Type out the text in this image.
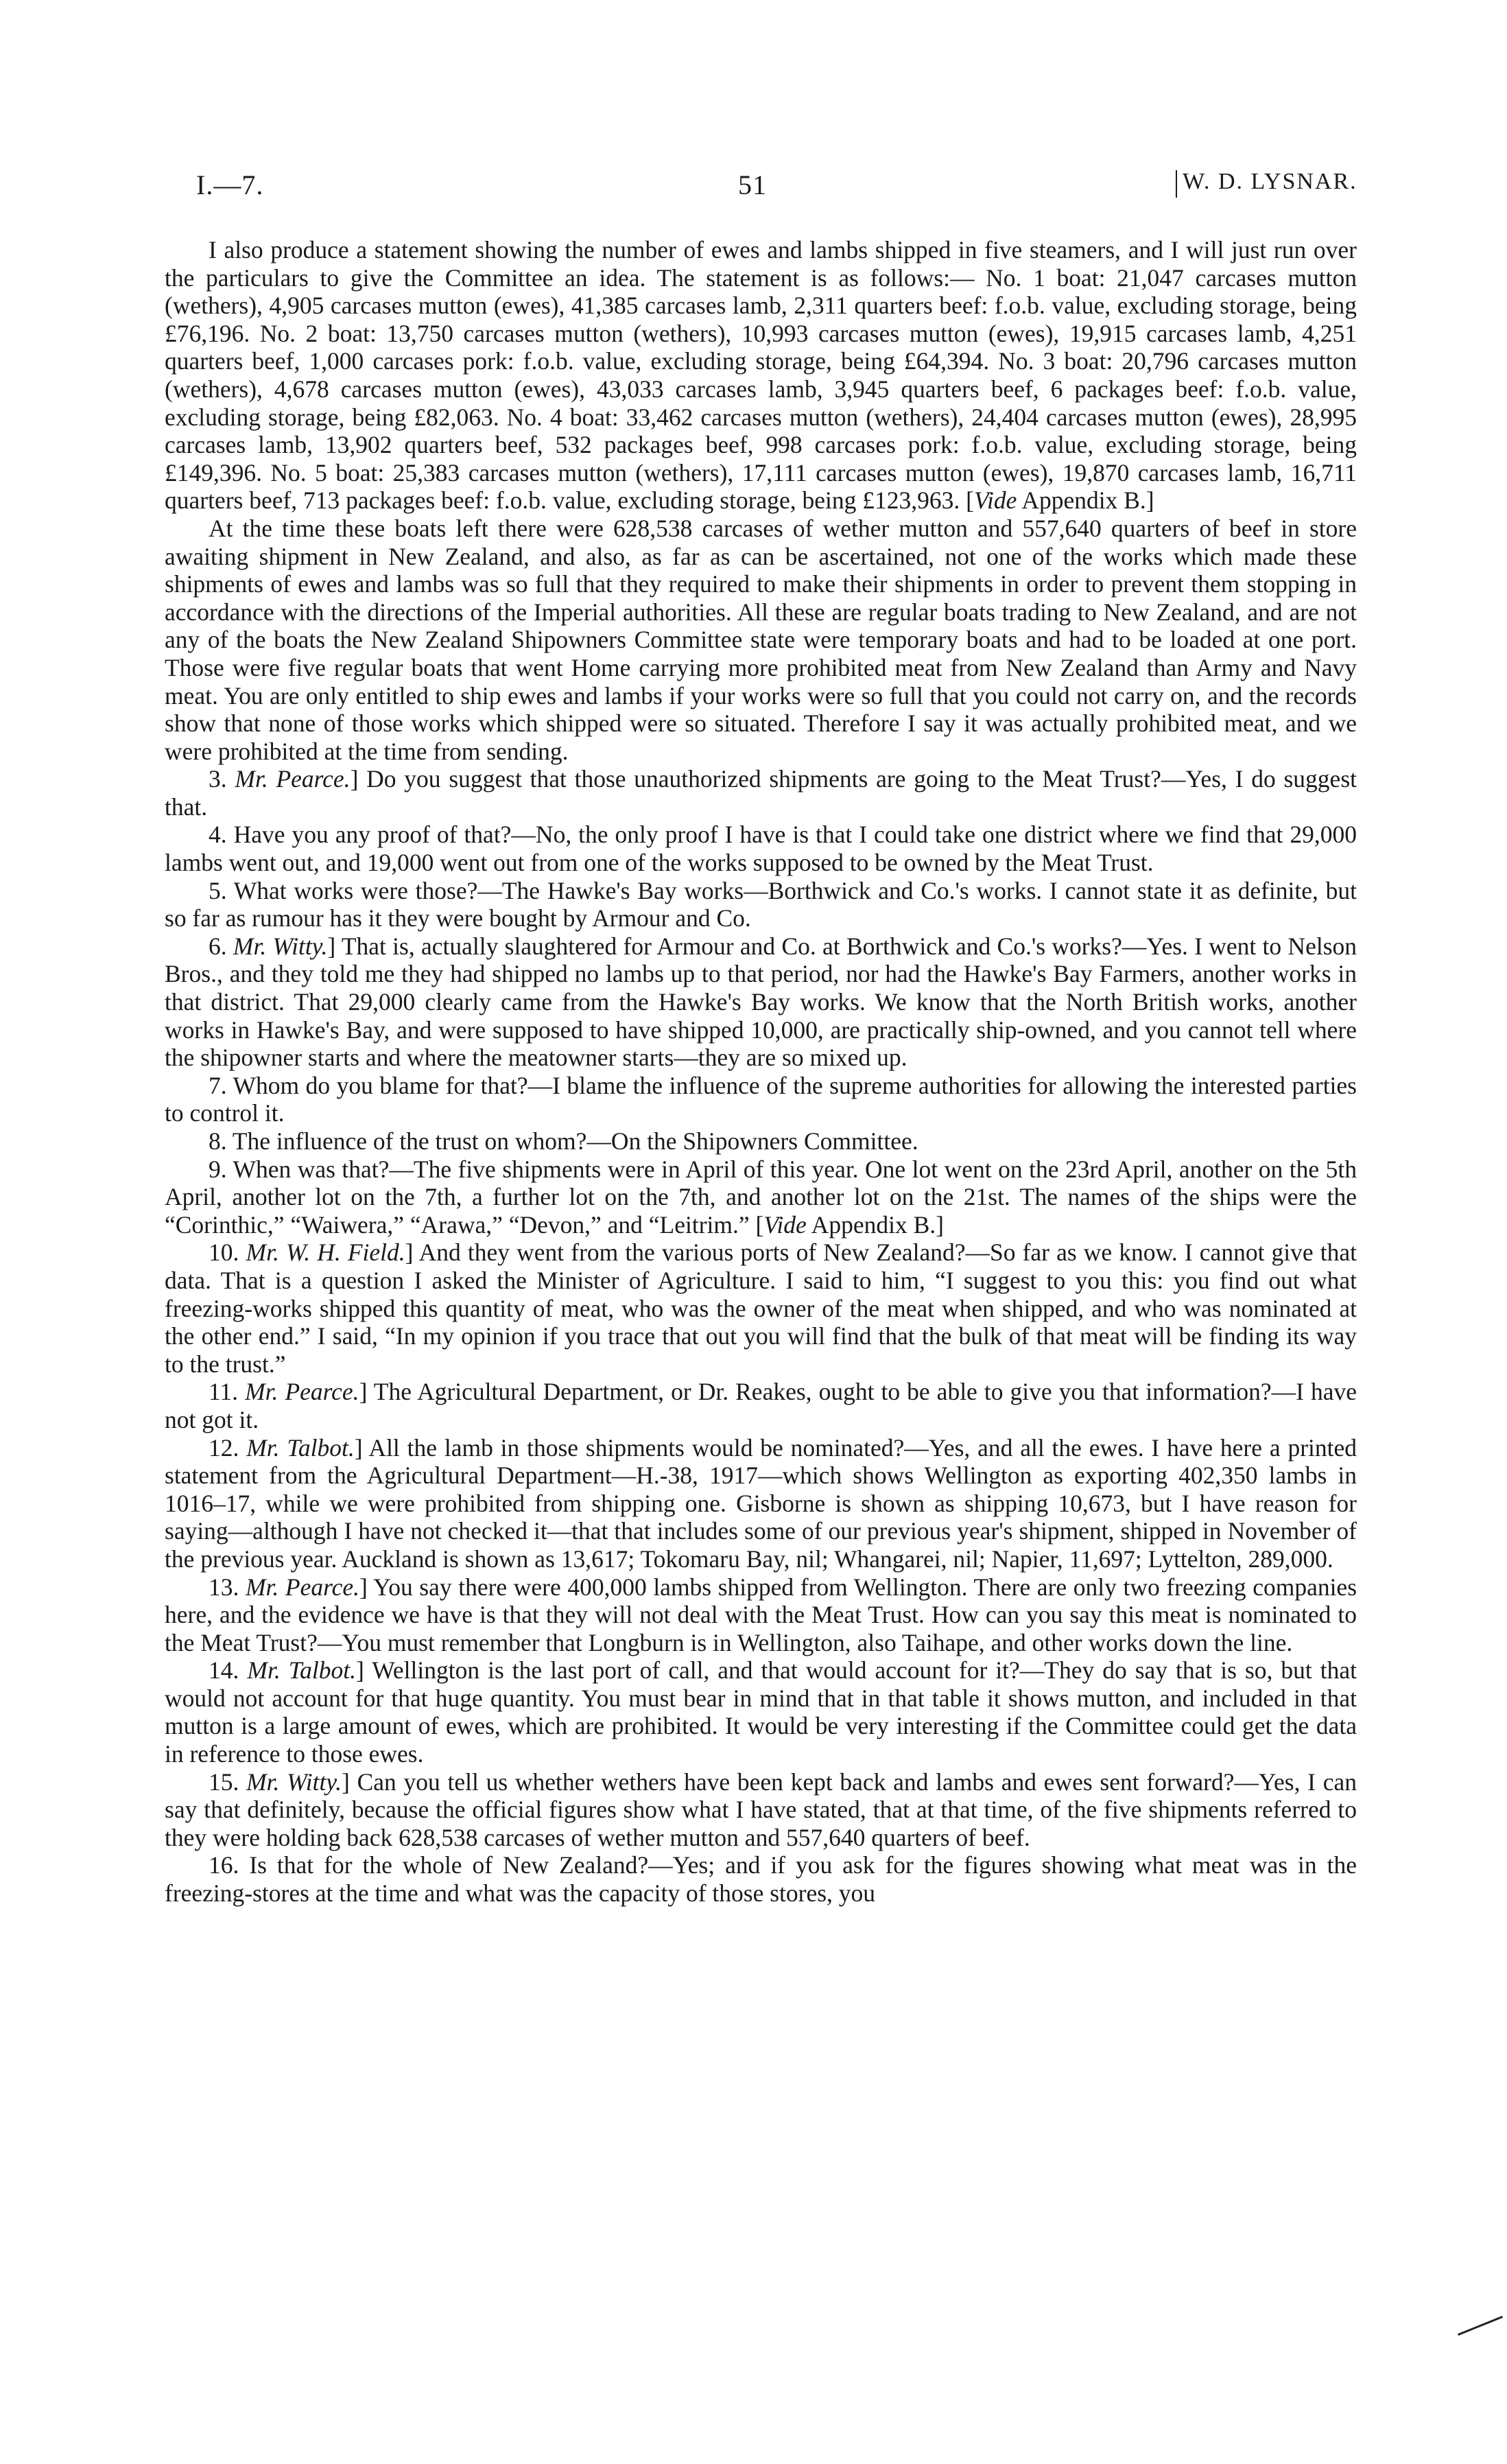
I.—7.	51	W. D. LYSNAR.

I also produce a statement showing the number of ewes and lambs shipped in five steamers, and I will just run over the particulars to give the Committee an idea. The statement is as follows:— No. 1 boat: 21,047 carcases mutton (wethers), 4,905 carcases mutton (ewes), 41,385 carcases lamb, 2,311 quarters beef: f.o.b. value, excluding storage, being £76,196. No. 2 boat: 13,750 carcases mutton (wethers), 10,993 carcases mutton (ewes), 19,915 carcases lamb, 4,251 quarters beef, 1,000 carcases pork: f.o.b. value, excluding storage, being £64,394. No. 3 boat: 20,796 carcases mutton (wethers), 4,678 carcases mutton (ewes), 43,033 carcases lamb, 3,945 quarters beef, 6 packages beef: f.o.b. value, excluding storage, being £82,063. No. 4 boat: 33,462 carcases mutton (wethers), 24,404 carcases mutton (ewes), 28,995 carcases lamb, 13,902 quarters beef, 532 packages beef, 998 carcases pork: f.o.b. value, excluding storage, being £149,396. No. 5 boat: 25,383 carcases mutton (wethers), 17,111 carcases mutton (ewes), 19,870 carcases lamb, 16,711 quarters beef, 713 packages beef: f.o.b. value, excluding storage, being £123,963. [Vide Appendix B.]

At the time these boats left there were 628,538 carcases of wether mutton and 557,640 quarters of beef in store awaiting shipment in New Zealand, and also, as far as can be ascertained, not one of the works which made these shipments of ewes and lambs was so full that they required to make their shipments in order to prevent them stopping in accordance with the directions of the Imperial authorities. All these are regular boats trading to New Zealand, and are not any of the boats the New Zealand Shipowners Committee state were temporary boats and had to be loaded at one port. Those were five regular boats that went Home carrying more prohibited meat from New Zealand than Army and Navy meat. You are only entitled to ship ewes and lambs if your works were so full that you could not carry on, and the records show that none of those works which shipped were so situated. Therefore I say it was actually prohibited meat, and we were prohibited at the time from sending.

3. Mr. Pearce.] Do you suggest that those unauthorized shipments are going to the Meat Trust?—Yes, I do suggest that.

4. Have you any proof of that?—No, the only proof I have is that I could take one district where we find that 29,000 lambs went out, and 19,000 went out from one of the works supposed to be owned by the Meat Trust.

5. What works were those?—The Hawke's Bay works—Borthwick and Co.'s works. I cannot state it as definite, but so far as rumour has it they were bought by Armour and Co.

6. Mr. Witty.] That is, actually slaughtered for Armour and Co. at Borthwick and Co.'s works?—Yes. I went to Nelson Bros., and they told me they had shipped no lambs up to that period, nor had the Hawke's Bay Farmers, another works in that district. That 29,000 clearly came from the Hawke's Bay works. We know that the North British works, another works in Hawke's Bay, and were supposed to have shipped 10,000, are practically ship-owned, and you cannot tell where the shipowner starts and where the meatowner starts—they are so mixed up.

7. Whom do you blame for that?—I blame the influence of the supreme authorities for allowing the interested parties to control it.

8. The influence of the trust on whom?—On the Shipowners Committee.

9. When was that?—The five shipments were in April of this year. One lot went on the 23rd April, another on the 5th April, another lot on the 7th, a further lot on the 7th, and another lot on the 21st. The names of the ships were the “Corinthic,” “Waiwera,” “Arawa,” “Devon,” and “Leitrim.” [Vide Appendix B.]

10. Mr. W. H. Field.] And they went from the various ports of New Zealand?—So far as we know. I cannot give that data. That is a question I asked the Minister of Agriculture. I said to him, “I suggest to you this: you find out what freezing-works shipped this quantity of meat, who was the owner of the meat when shipped, and who was nominated at the other end.” I said, “In my opinion if you trace that out you will find that the bulk of that meat will be finding its way to the trust.”

11. Mr. Pearce.] The Agricultural Department, or Dr. Reakes, ought to be able to give you that information?—I have not got it.

12. Mr. Talbot.] All the lamb in those shipments would be nominated?—Yes, and all the ewes. I have here a printed statement from the Agricultural Department—H.-38, 1917—which shows Wellington as exporting 402,350 lambs in 1016–17, while we were prohibited from shipping one. Gisborne is shown as shipping 10,673, but I have reason for saying—although I have not checked it—that that includes some of our previous year's shipment, shipped in November of the previous year. Auckland is shown as 13,617; Tokomaru Bay, nil; Whangarei, nil; Napier, 11,697; Lyttelton, 289,000.

13. Mr. Pearce.] You say there were 400,000 lambs shipped from Wellington. There are only two freezing companies here, and the evidence we have is that they will not deal with the Meat Trust. How can you say this meat is nominated to the Meat Trust?—You must remember that Longburn is in Wellington, also Taihape, and other works down the line.

14. Mr. Talbot.] Wellington is the last port of call, and that would account for it?—They do say that is so, but that would not account for that huge quantity. You must bear in mind that in that table it shows mutton, and included in that mutton is a large amount of ewes, which are prohibited. It would be very interesting if the Committee could get the data in reference to those ewes.

15. Mr. Witty.] Can you tell us whether wethers have been kept back and lambs and ewes sent forward?—Yes, I can say that definitely, because the official figures show what I have stated, that at that time, of the five shipments referred to they were holding back 628,538 carcases of wether mutton and 557,640 quarters of beef.

16. Is that for the whole of New Zealand?—Yes; and if you ask for the figures showing what meat was in the freezing-stores at the time and what was the capacity of those stores, you
